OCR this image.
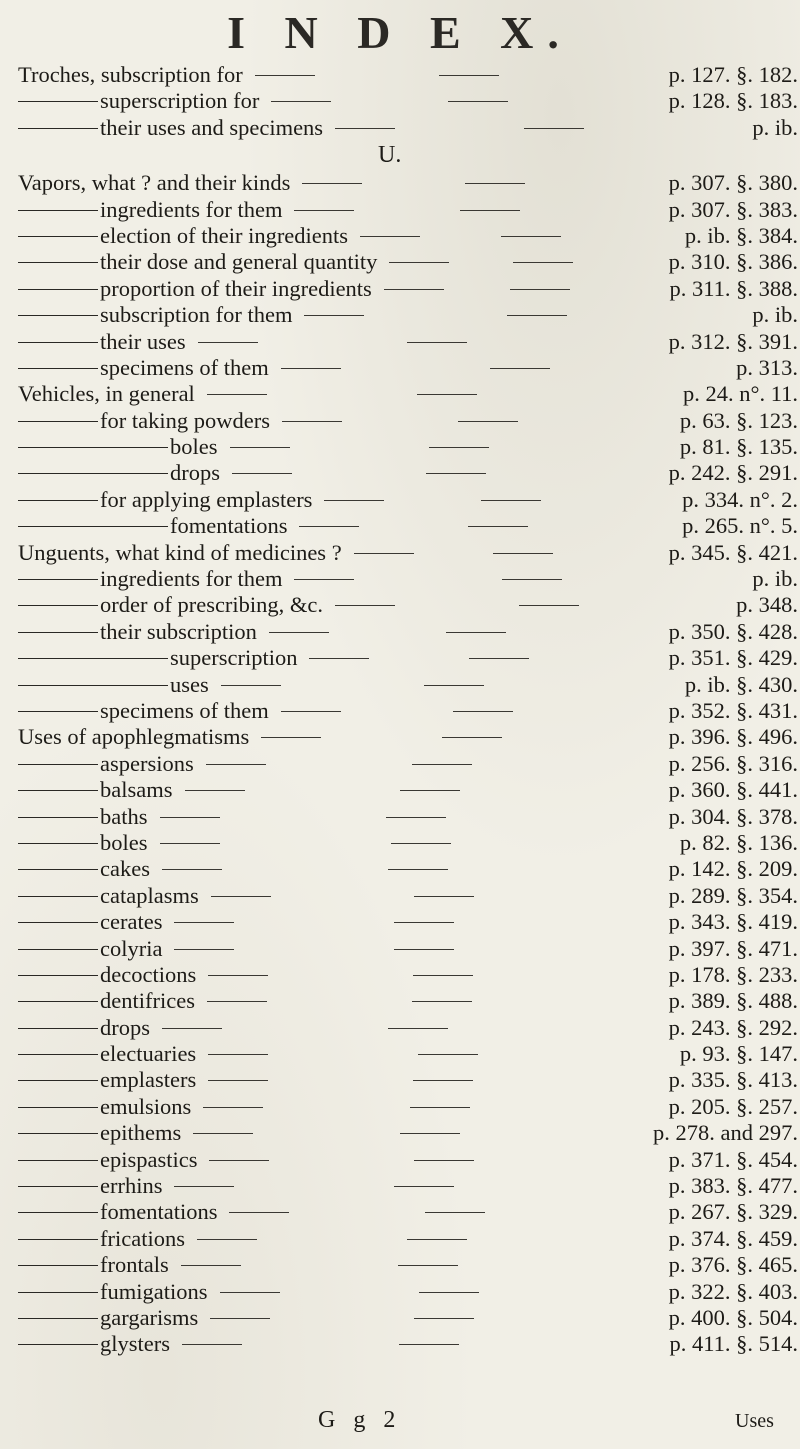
I N D E X.
Troches, subscription for	p. 127. §. 182.
superscription for	p. 128. §. 183.
their uses and specimens	p. ib.
U.
Vapors, what ? and their kinds	p. 307. §. 380.
ingredients for them	p. 307. §. 383.
election of their ingredients	p. ib. §. 384.
their dose and general quantity	p. 310. §. 386.
proportion of their ingredients	p. 311. §. 388.
subscription for them	p. ib.
their uses	p. 312. §. 391.
specimens of them	p. 313.
Vehicles, in general	p. 24. n°. 11.
for taking powders	p. 63. §. 123.
boles	p. 81. §. 135.
drops	p. 242. §. 291.
for applying emplasters	p. 334. n°. 2.
fomentations	p. 265. n°. 5.
Unguents, what kind of medicines ?	p. 345. §. 421.
ingredients for them	p. ib.
order of prescribing, &c.	p. 348.
their subscription	p. 350. §. 428.
superscription	p. 351. §. 429.
uses	p. ib. §. 430.
specimens of them	p. 352. §. 431.
Uses of apophlegmatisms	p. 396. §. 496.
aspersions	p. 256. §. 316.
balsams	p. 360. §. 441.
baths	p. 304. §. 378.
boles	p. 82. §. 136.
cakes	p. 142. §. 209.
cataplasms	p. 289. §. 354.
cerates	p. 343. §. 419.
colyria	p. 397. §. 471.
decoctions	p. 178. §. 233.
dentifrices	p. 389. §. 488.
drops	p. 243. §. 292.
electuaries	p. 93. §. 147.
emplasters	p. 335. §. 413.
emulsions	p. 205. §. 257.
epithems	p. 278. and 297.
epispastics	p. 371. §. 454.
errhins	p. 383. §. 477.
fomentations	p. 267. §. 329.
frications	p. 374. §. 459.
frontals	p. 376. §. 465.
fumigations	p. 322. §. 403.
gargarisms	p. 400. §. 504.
glysters	p. 411. §. 514.
G g 2	Uses
